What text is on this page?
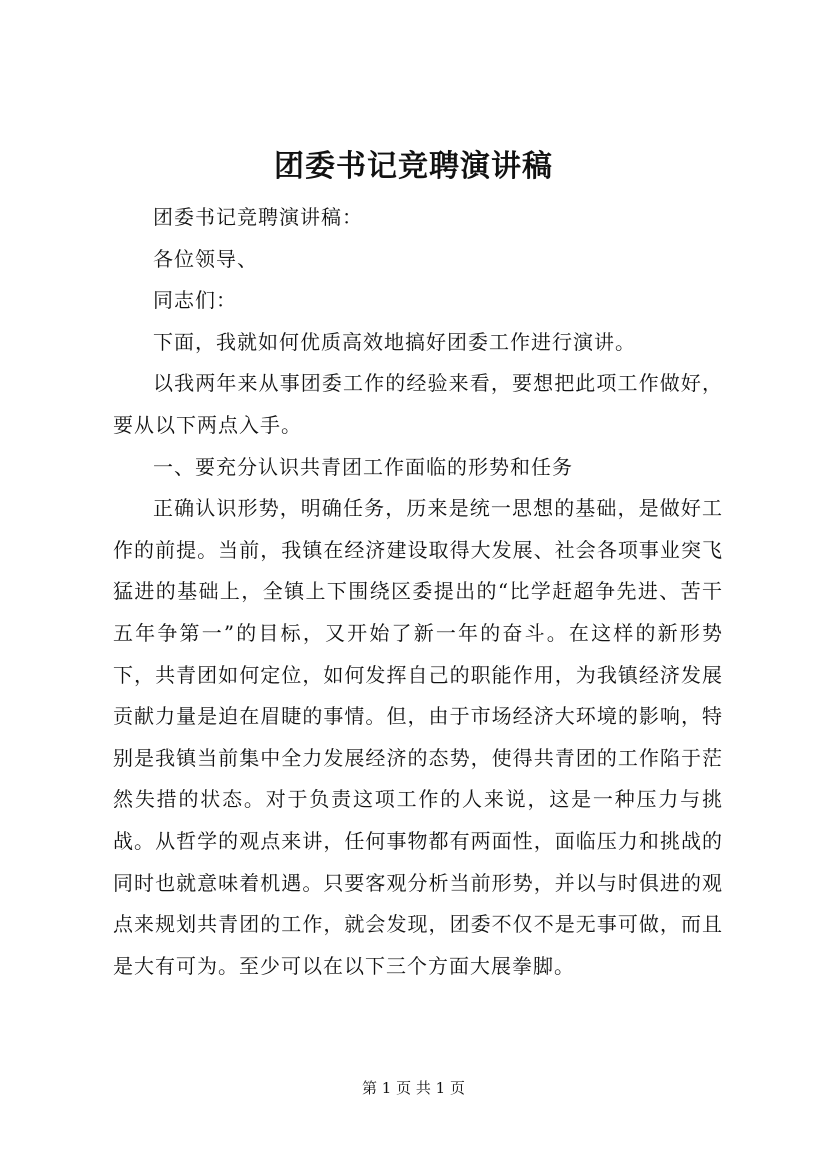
团委书记竞聘演讲稿

团委书记竞聘演讲稿：

各位领导、

同志们：

下面，我就如何优质高效地搞好团委工作进行演讲。

以我两年来从事团委工作的经验来看，要想把此项工作做好，要从以下两点入手。

一、要充分认识共青团工作面临的形势和任务

正确认识形势，明确任务，历来是统一思想的基础，是做好工作的前提。当前，我镇在经济建设取得大发展、社会各项事业突飞猛进的基础上，全镇上下围绕区委提出的“比学赶超争先进、苦干五年争第一”的目标，又开始了新一年的奋斗。在这样的新形势下，共青团如何定位，如何发挥自己的职能作用，为我镇经济发展贡献力量是迫在眉睫的事情。但，由于市场经济大环境的影响，特别是我镇当前集中全力发展经济的态势，使得共青团的工作陷于茫然失措的状态。对于负责这项工作的人来说，这是一种压力与挑战。从哲学的观点来讲，任何事物都有两面性，面临压力和挑战的同时也就意味着机遇。只要客观分析当前形势，并以与时俱进的观点来规划共青团的工作，就会发现，团委不仅不是无事可做，而且是大有可为。至少可以在以下三个方面大展拳脚。

第 1 页 共 1 页
